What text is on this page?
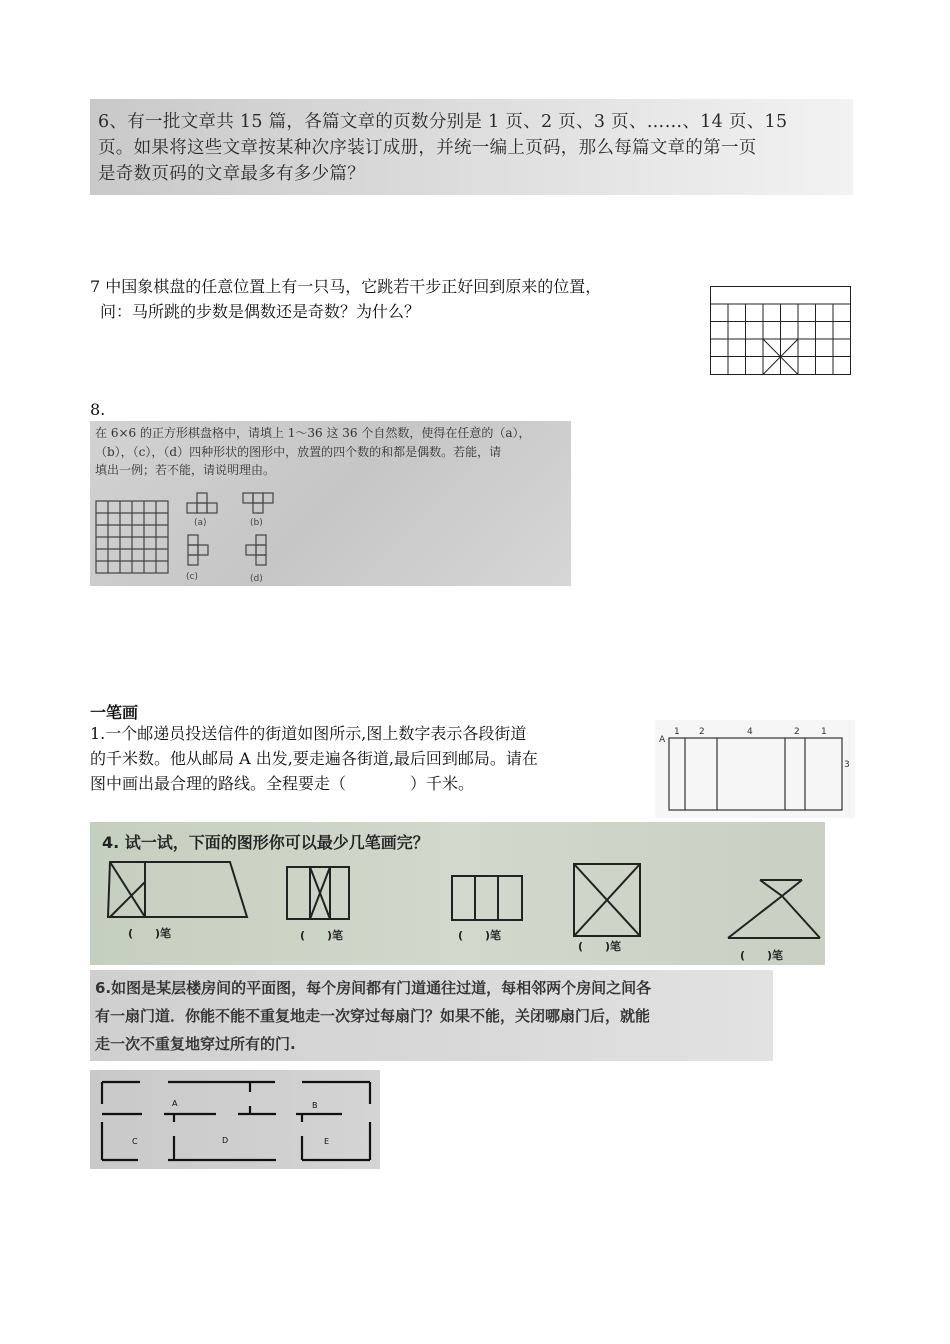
6、有一批文章共 15 篇，各篇文章的页数分别是 1 页、2 页、3 页、……、14 页、15
页。如果将这些文章按某种次序装订成册，并统一编上页码，那么每篇文章的第一页
是奇数页码的文章最多有多少篇？
7 中国象棋盘的任意位置上有一只马，它跳若干步正好回到原来的位置，
问：马所跳的步数是偶数还是奇数？为什么？
8.
在 6×6 的正方形棋盘格中，请填上 1～36 这 36 个自然数，使得在任意的（a），
（b），（c），（d）四种形状的图形中，放置的四个数的和都是偶数。若能，请
填出一例；若不能，请说明理由。
(a)	(b)
(c)	(d)
一笔画
1.一个邮递员投送信件的街道如图所示,图上数字表示各段街道
的千米数。他从邮局 A 出发,要走遍各街道,最后回到邮局。请在
图中画出最合理的路线。全程要走（　　　　）千米。
A
1 2	4	2 1
3
4. 试一试，下面的图形你可以最少几笔画完？
(　　)笔	(　　)笔	(　　)笔
(　　)笔
(　　)笔
6.如图是某层楼房间的平面图，每个房间都有门道通往过道，每相邻两个房间之间各
有一扇门道．你能不能不重复地走一次穿过每扇门？如果不能，关闭哪扇门后，就能
走一次不重复地穿过所有的门.
A	B
C	D	E
